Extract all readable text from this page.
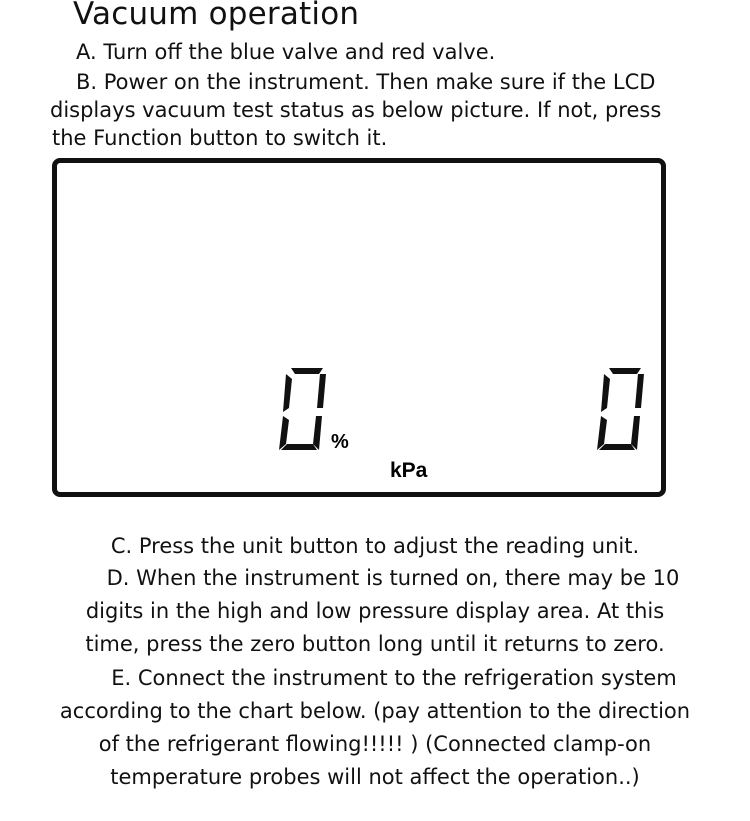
Vacuum operation
A. Turn off the blue valve and red valve.
B. Power on the instrument. Then make sure if the LCD
displays vacuum test status as below picture. If not, press
the Function button to switch it.
%
kPa
C. Press the unit button to adjust the reading unit.
D. When the instrument is turned on, there may be 10
digits in the high and low pressure display area. At this
time, press the zero button long until it returns to zero.
E. Connect the instrument to the refrigeration system
according to the chart below. (pay attention to the direction
of the refrigerant flowing!!!!! ) (Connected clamp-on
temperature probes will not affect the operation..)
